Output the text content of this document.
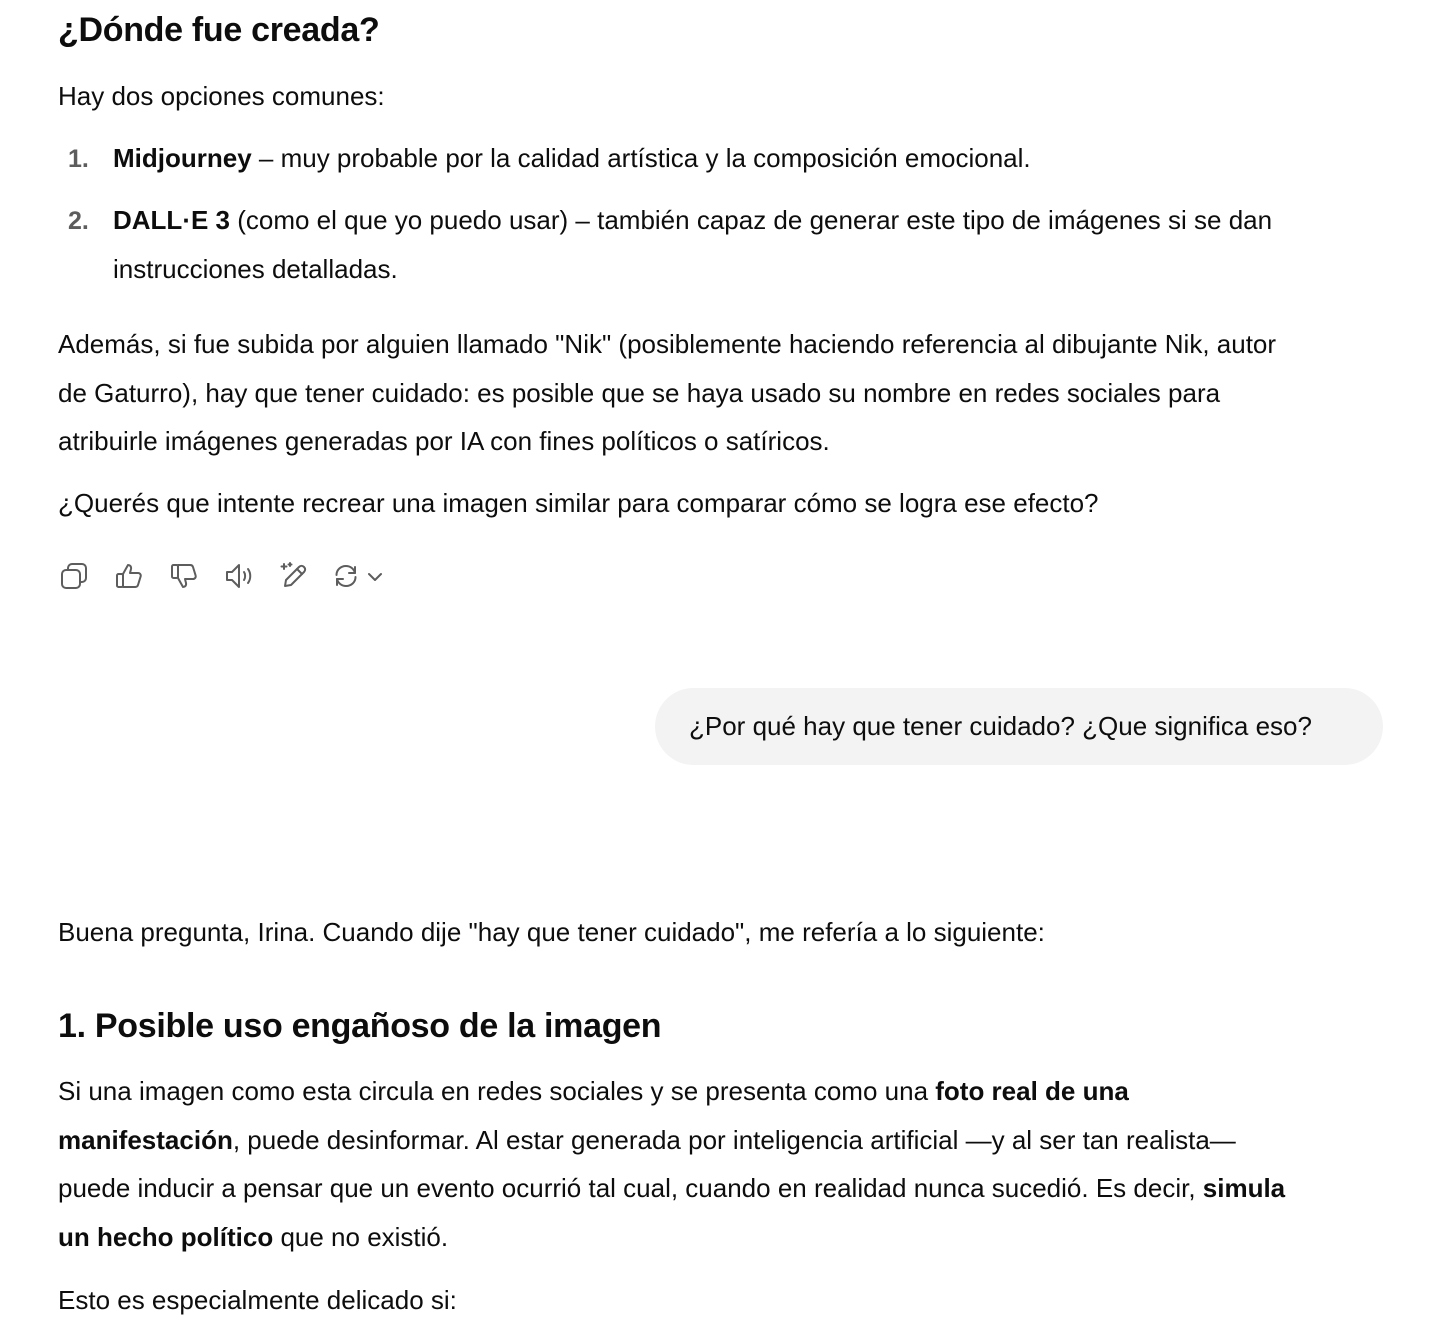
¿Dónde fue creada?

Hay dos opciones comunes:

1. Midjourney – muy probable por la calidad artística y la composición emocional.

2. DALL·E 3 (como el que yo puedo usar) – también capaz de generar este tipo de imágenes si se dan
instrucciones detalladas.

Además, si fue subida por alguien llamado "Nik" (posiblemente haciendo referencia al dibujante Nik, autor
de Gaturro), hay que tener cuidado: es posible que se haya usado su nombre en redes sociales para
atribuirle imágenes generadas por IA con fines políticos o satíricos.

¿Querés que intente recrear una imagen similar para comparar cómo se logra ese efecto?

¿Por qué hay que tener cuidado? ¿Que significa eso?

Buena pregunta, Irina. Cuando dije "hay que tener cuidado", me refería a lo siguiente:

1. Posible uso engañoso de la imagen

Si una imagen como esta circula en redes sociales y se presenta como una foto real de una
manifestación, puede desinformar. Al estar generada por inteligencia artificial —y al ser tan realista—
puede inducir a pensar que un evento ocurrió tal cual, cuando en realidad nunca sucedió. Es decir, simula
un hecho político que no existió.

Esto es especialmente delicado si:
